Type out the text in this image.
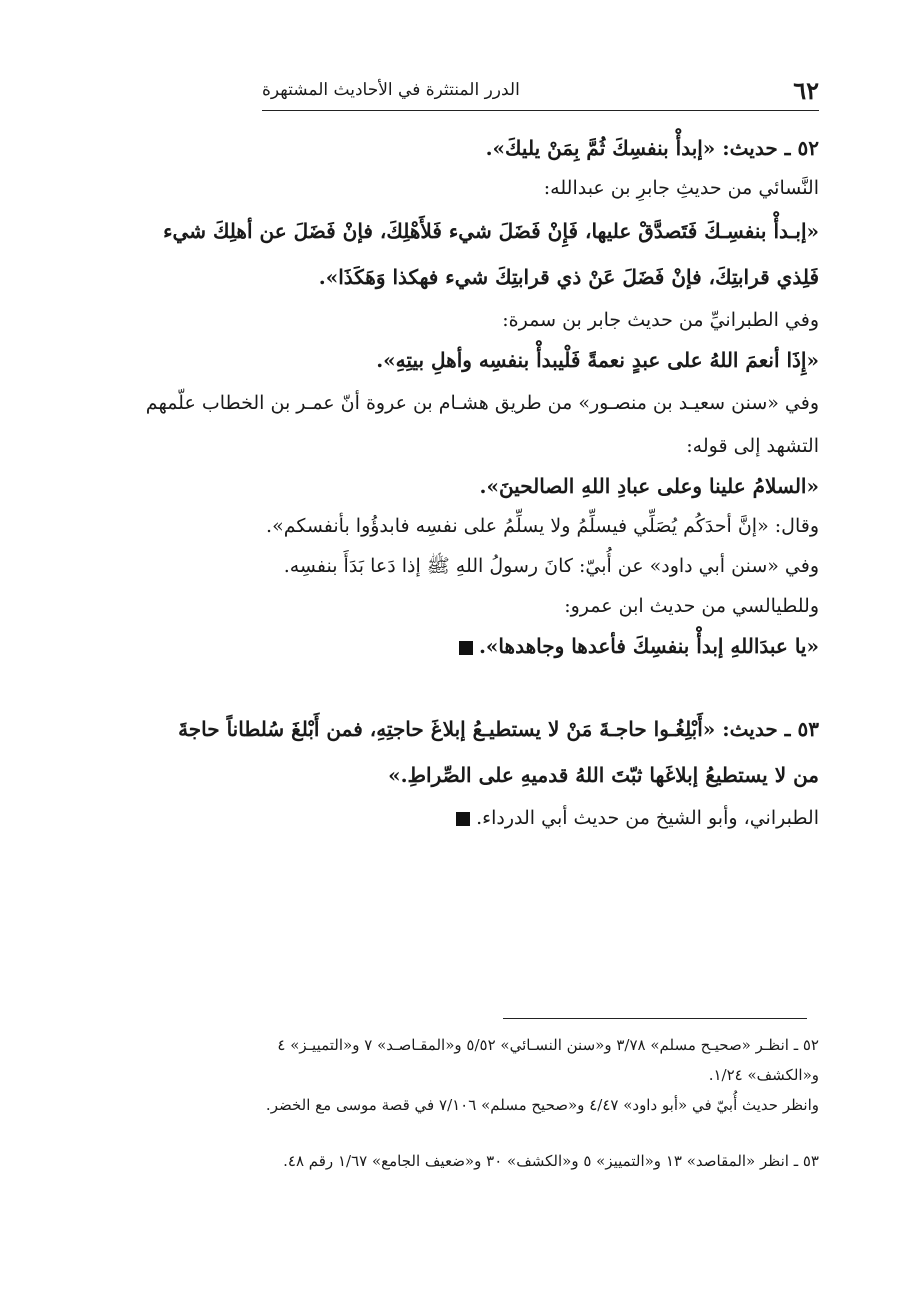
٦٢
الدرر المنتثرة في الأحاديث المشتهرة
٥٢ ـ حديث: «إبدأْ بنفسِكَ ثُمَّ بِمَنْ يليكَ».
النَّسائي من حديثِ جابرِ بن عبدالله:
«إبـدأْ بنفسِـكَ فَتَصدَّقْ عليها، فَإِنْ فَضَلَ شيء فَلأَهْلِكَ، فإنْ فَضَلَ عن أهلِكَ شيء
فَلِذي قرابتِكَ، فإنْ فَضَلَ عَنْ ذي قرابتِكَ شيء فهكذا وَهَكَذَا».
وفي الطبرانيِّ من حديث جابر بن سمرة:
«إِذَا أنعمَ اللهُ على عبدٍ نعمةً فَلْيبدأْ بنفسِه وأهلِ بيتِهِ».
وفي «سنن سعيـد بن منصـور» من طريق هشـام بن عروة أنّ عمـر بن الخطاب علّمهم
التشهد إلى قوله:
«السلامُ علينا وعلى عبادِ اللهِ الصالحينَ».
وقال: «إنَّ أحدَكُم يُصَلِّي فيسلِّمُ ولا يسلِّمُ على نفسِه فابدؤُوا بأنفسكم».
وفي «سنن أبي داود» عن أُبيّ: كانَ رسولُ اللهِ ﷺ إذا دَعا بَدَأَ بنفسِه.
وللطيالسي من حديث ابن عمرو:
«يا عبدَاللهِ إبدأْ بنفسِكَ فأعدها وجاهدها».
٥٣ ـ حديث: «أَبْلِغُـوا حاجـةَ مَنْ لا يستطيـعُ إبلاغَ حاجتِهِ، فمن أَبْلغَ سُلطاناً حاجةَ
من لا يستطيعُ إبلاغَها ثبّتَ اللهُ قدميهِ على الصِّراطِ.»
الطبراني، وأبو الشيخ من حديث أبي الدرداء.
٥٢ ـ انظـر «صحيـح مسلم» ٣/٧٨ و«سنن النسـائي» ٥/٥٢ و«المقـاصـد» ٧ و«التمييـز» ٤
و«الكشف» ١/٢٤.
وانظر حديث أُبيّ في «أبو داود» ٤/٤٧ و«صحيح مسلم» ٧/١٠٦ في قصة موسى مع الخضر.
٥٣ ـ انظر «المقاصد» ١٣ و«التمييز» ٥ و«الكشف» ٣٠ و«ضعيف الجامع» ١/٦٧ رقم ٤٨.
